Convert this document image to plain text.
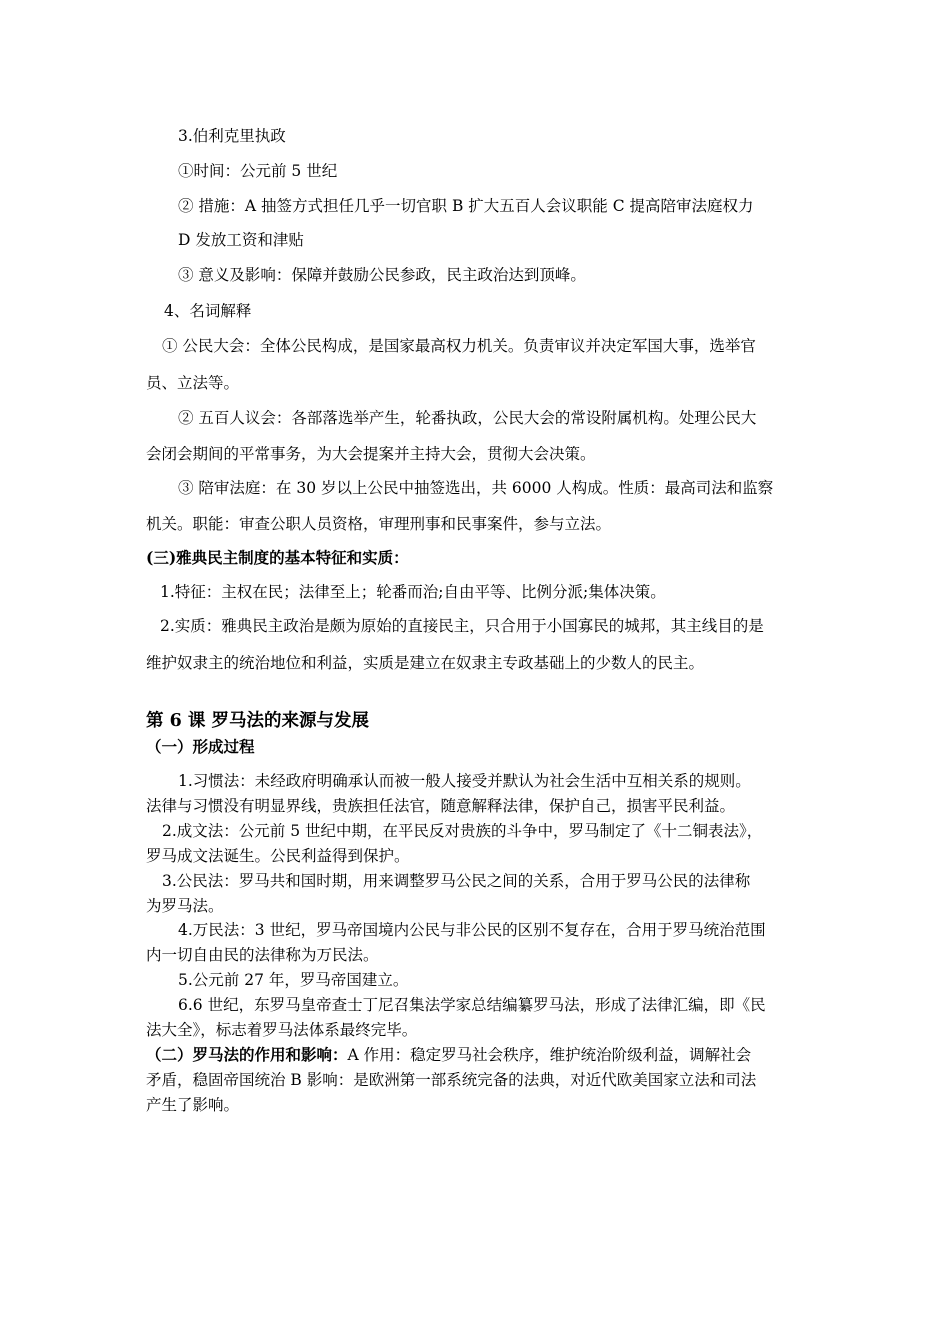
3.伯利克里执政
①时间：公元前 5 世纪
② 措施：A 抽签方式担任几乎一切官职 B 扩大五百人会议职能 C 提高陪审法庭权力
D 发放工资和津贴
③ 意义及影响：保障并鼓励公民参政，民主政治达到顶峰。
4、名词解释
① 公民大会：全体公民构成，是国家最高权力机关。负责审议并决定军国大事，选举官
员、立法等。
② 五百人议会：各部落选举产生，轮番执政，公民大会的常设附属机构。处理公民大
会闭会期间的平常事务，为大会提案并主持大会，贯彻大会决策。
③ 陪审法庭：在 30 岁以上公民中抽签选出，共 6000 人构成。性质：最高司法和监察
机关。职能：审查公职人员资格，审理刑事和民事案件，参与立法。
(三)雅典民主制度的基本特征和实质：
1.特征：主权在民；法律至上；轮番而治;自由平等、比例分派;集体决策。
2.实质：雅典民主政治是颇为原始的直接民主，只合用于小国寡民的城邦，其主线目的是
维护奴隶主的统治地位和利益，实质是建立在奴隶主专政基础上的少数人的民主。
第 6 课 罗马法的来源与发展
（一）形成过程
1.习惯法：未经政府明确承认而被一般人接受并默认为社会生活中互相关系的规则。
法律与习惯没有明显界线，贵族担任法官，随意解释法律，保护自己，损害平民利益。
2.成文法：公元前 5 世纪中期，在平民反对贵族的斗争中，罗马制定了《十二铜表法》，
罗马成文法诞生。公民利益得到保护。
3.公民法：罗马共和国时期，用来调整罗马公民之间的关系，合用于罗马公民的法律称
为罗马法。
4.万民法：3 世纪，罗马帝国境内公民与非公民的区别不复存在，合用于罗马统治范围
内一切自由民的法律称为万民法。
5.公元前 27 年，罗马帝国建立。
6.6 世纪，东罗马皇帝查士丁尼召集法学家总结编纂罗马法，形成了法律汇编，即《民
法大全》，标志着罗马法体系最终完毕。
（二）罗马法的作用和影响：A 作用：稳定罗马社会秩序，维护统治阶级利益，调解社会
矛盾，稳固帝国统治 B 影响：是欧洲第一部系统完备的法典，对近代欧美国家立法和司法
产生了影响。
